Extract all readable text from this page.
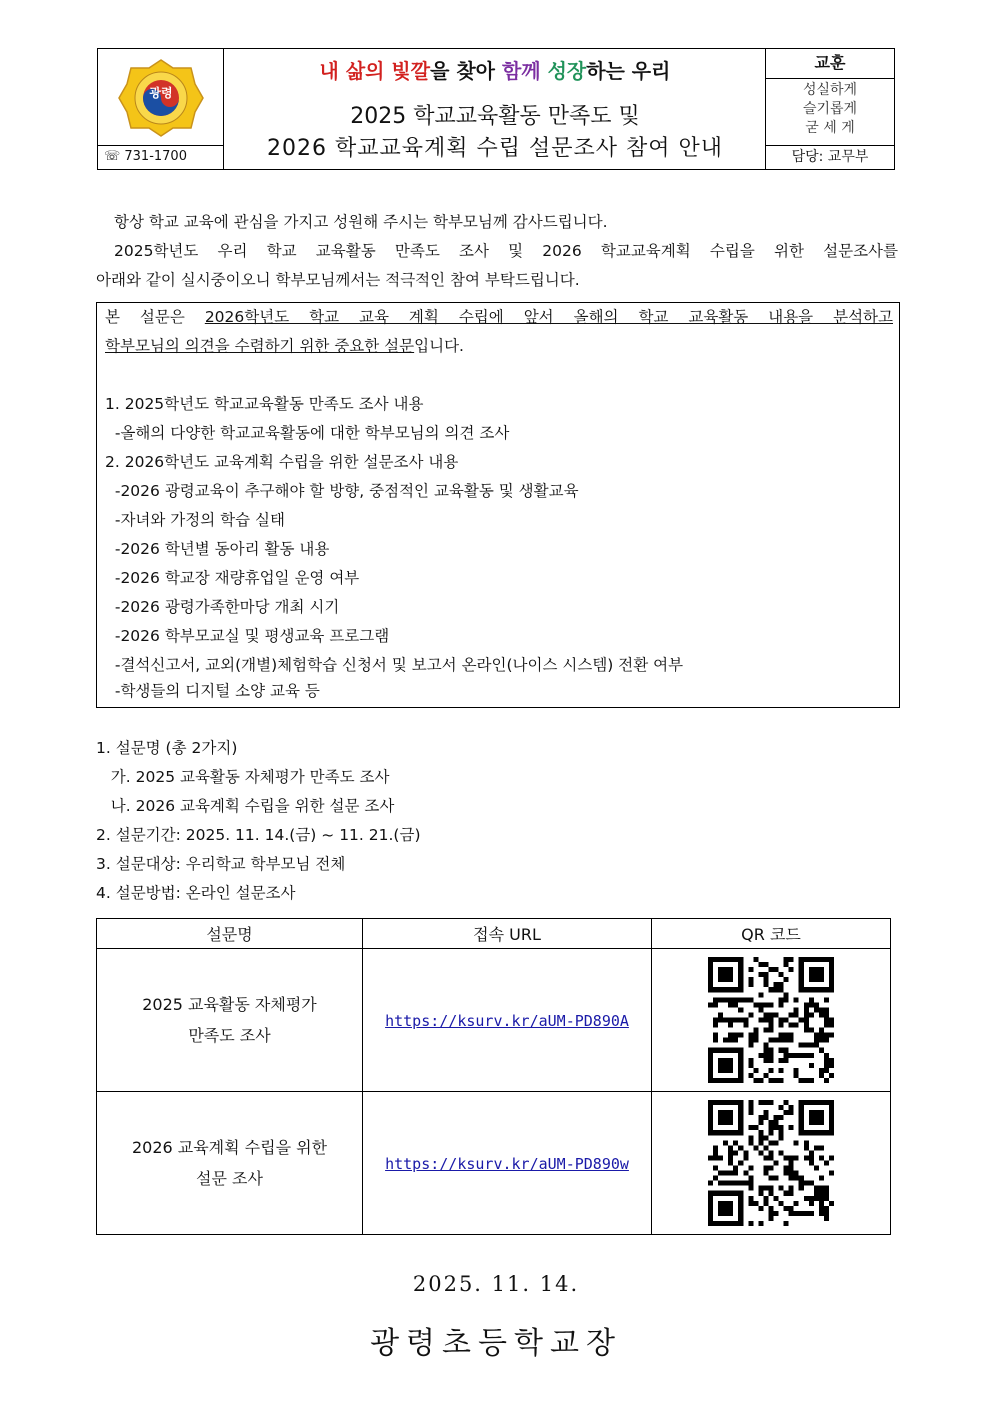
광령
☏ 731-1700
내 삶의 빛깔을 찾아 함께 성장하는 우리
2025 학교교육활동 만족도 및
2026 학교교육계획 수립 설문조사 참여 안내
교훈
성실하게
슬기롭게
굳 세 게
담당: 교무부
항상 학교 교육에 관심을 가지고 성원해 주시는 학부모님께 감사드립니다.
2025학년도 우리 학교 교육활동 만족도 조사 및 2026 학교교육계획 수립을 위한 설문조사를
아래와 같이 실시중이오니 학부모님께서는 적극적인 참여 부탁드립니다.
본 설문은 2026학년도 학교 교육 계획 수립에 앞서 올해의 학교 교육활동 내용을 분석하고
학부모님의 의견을 수렴하기 위한 중요한 설문입니다.
1. 2025학년도 학교교육활동 만족도 조사 내용
-올해의 다양한 학교교육활동에 대한 학부모님의 의견 조사
2. 2026학년도 교육계획 수립을 위한 설문조사 내용
-2026 광령교육이 추구해야 할 방향, 중점적인 교육활동 및 생활교육
-자녀와 가정의 학습 실태
-2026 학년별 동아리 활동 내용
-2026 학교장 재량휴업일 운영 여부
-2026 광령가족한마당 개최 시기
-2026 학부모교실 및 평생교육 프로그램
-결석신고서, 교외(개별)체험학습 신청서 및 보고서 온라인(나이스 시스템) 전환 여부
-학생들의 디지털 소양 교육 등
1. 설문명 (총 2가지)
가. 2025 교육활동 자체평가 만족도 조사
나. 2026 교육계획 수립을 위한 설문 조사
2. 설문기간: 2025. 11. 14.(금) ~ 11. 21.(금)
3. 설문대상: 우리학교 학부모님 전체
4. 설문방법: 온라인 설문조사
설문명	접속 URL	QR 코드

2025 교육활동 자체평가
만족도 조사	https://ksurv.kr/aUM-PD890A	

2026 교육계획 수립을 위한
설문 조사	https://ksurv.kr/aUM-PD890w	
2025. 11. 14.
광령초등학교장
